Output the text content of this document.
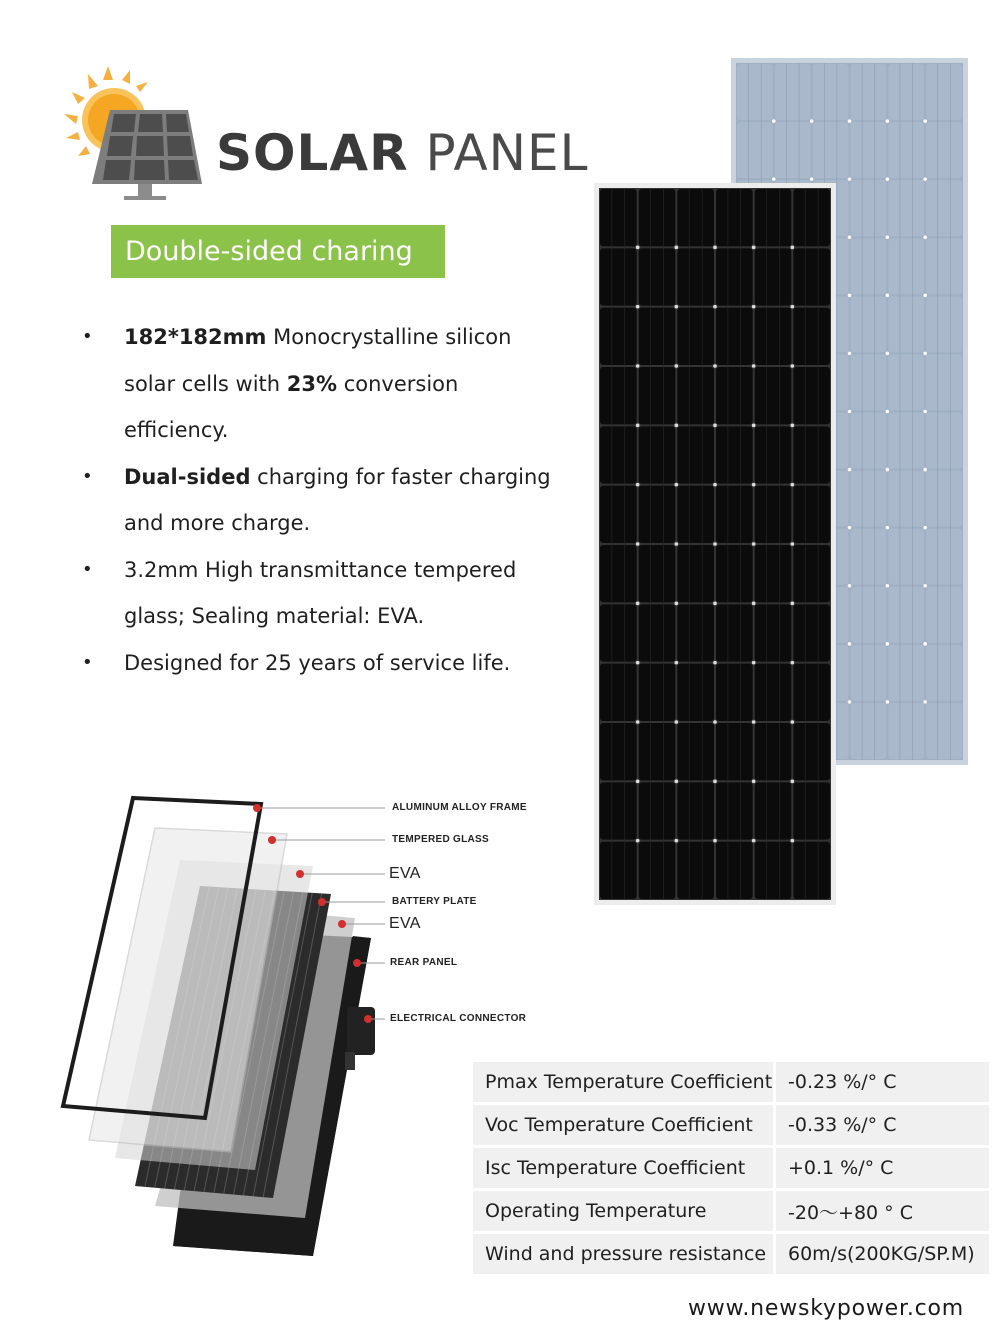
SOLAR PANEL
Double-sided charing
•	182*182mm Monocrystalline silicon solar cells with 23% conversion efficiency.
•	Dual-sided charging for faster charging and more charge.
•	3.2mm High transmittance tempered glass; Sealing material: EVA.
•	Designed for 25 years of service life.
ALUMINUM ALLOY FRAME
TEMPERED GLASS
EVA
BATTERY PLATE
EVA
REAR PANEL
ELECTRICAL CONNECTOR
Pmax Temperature Coefficient	-0.23 %/° C
Voc Temperature Coefficient	-0.33 %/° C
Isc Temperature Coefficient	+0.1 %/° C
Operating Temperature	-20～+80 ° C
Wind and pressure resistance	60m/s(200KG/SP.M)
www.newskypower.com
